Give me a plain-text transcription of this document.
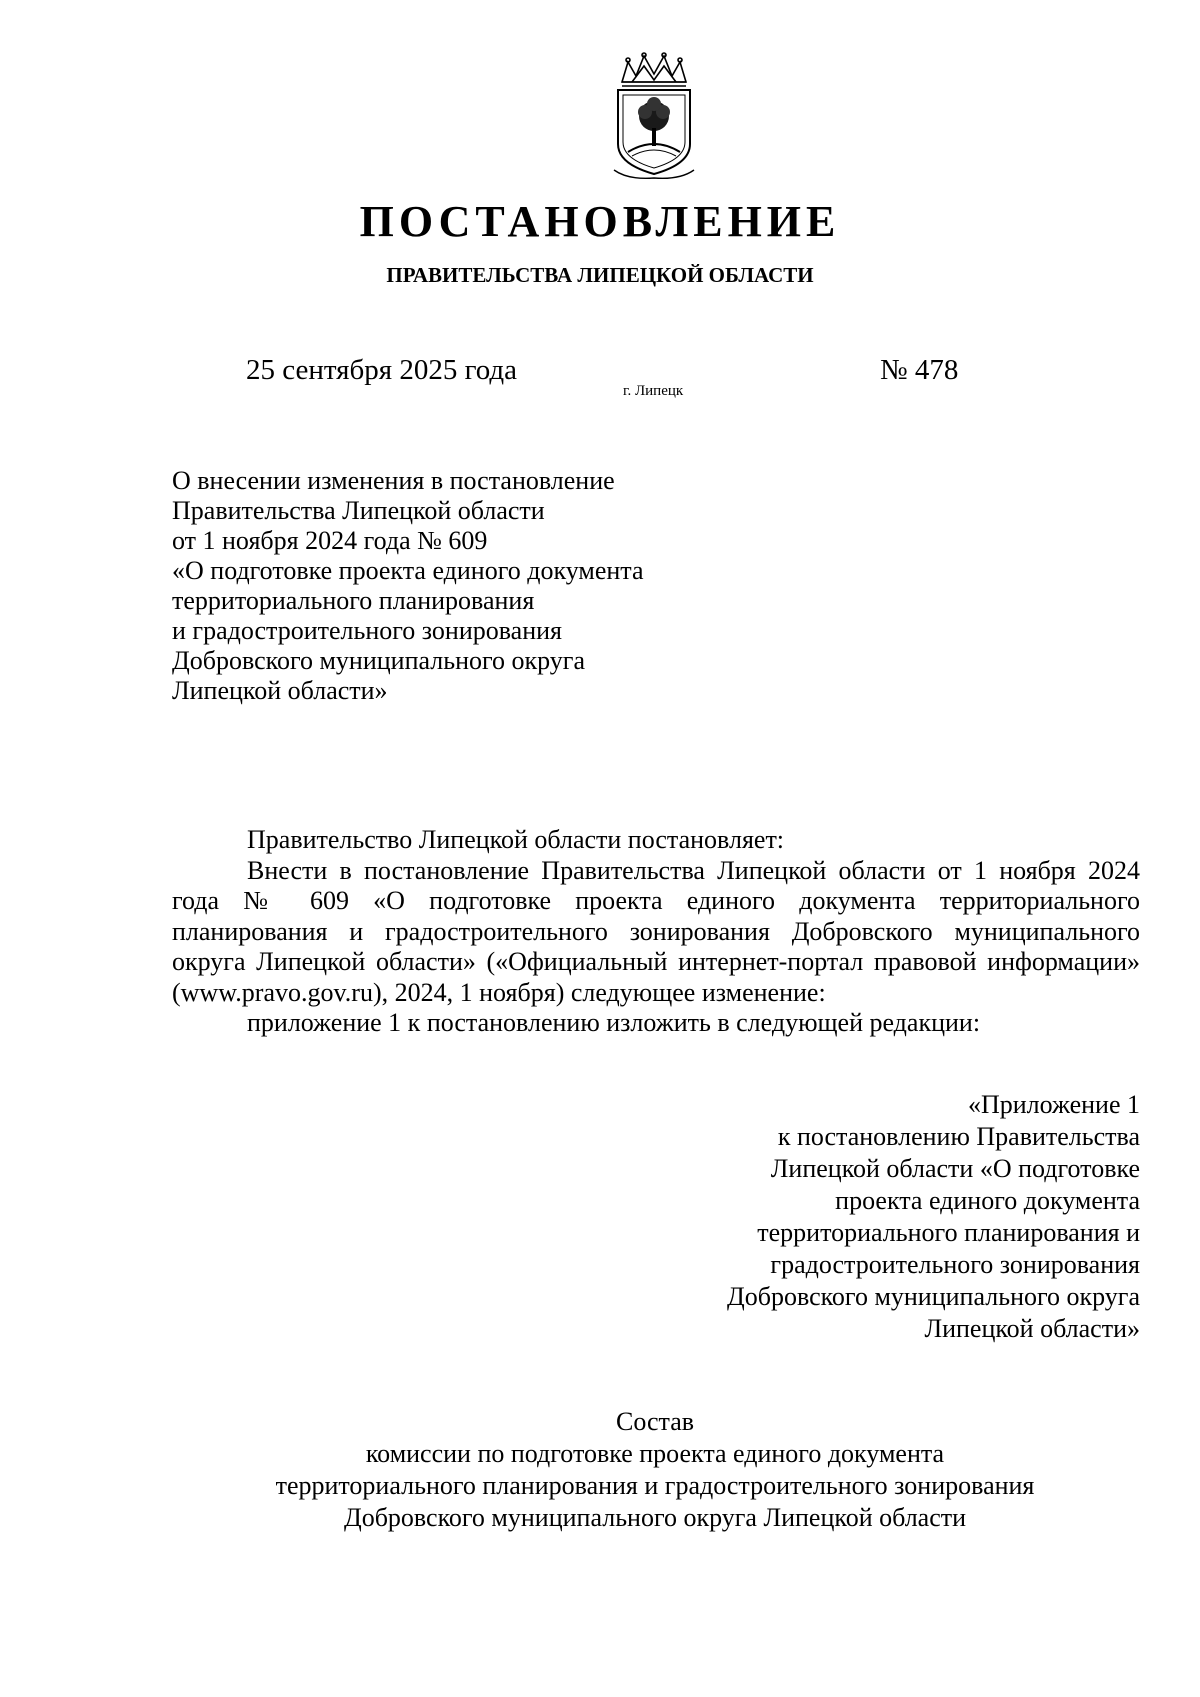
ПОСТАНОВЛЕНИЕ
ПРАВИТЕЛЬСТВА ЛИПЕЦКОЙ ОБЛАСТИ
25 сентября 2025 года
г. Липецк
№ 478
О внесении изменения в постановление
Правительства Липецкой области
от 1 ноября 2024 года № 609
«О подготовке проекта единого документа
территориального планирования
и градостроительного зонирования
Добровского муниципального округа
Липецкой области»

Правительство Липецкой области постановляет:

Внести в постановление Правительства Липецкой области от 1 ноября 2024 года № 609 «О подготовке проекта единого документа территориального планирования и градостроительного зонирования Добровского муниципального округа Липецкой области» («Официальный интернет-портал правовой информации» (www.pravo.gov.ru), 2024, 1 ноября) следующее изменение:

приложение 1 к постановлению изложить в следующей редакции:

«Приложение 1
к постановлению Правительства
Липецкой области «О подготовке
проекта единого документа
территориального планирования и
градостроительного зонирования
Добровского муниципального округа
Липецкой области»
Состав
комиссии по подготовке проекта единого документа
территориального планирования и градостроительного зонирования
Добровского муниципального округа Липецкой области
